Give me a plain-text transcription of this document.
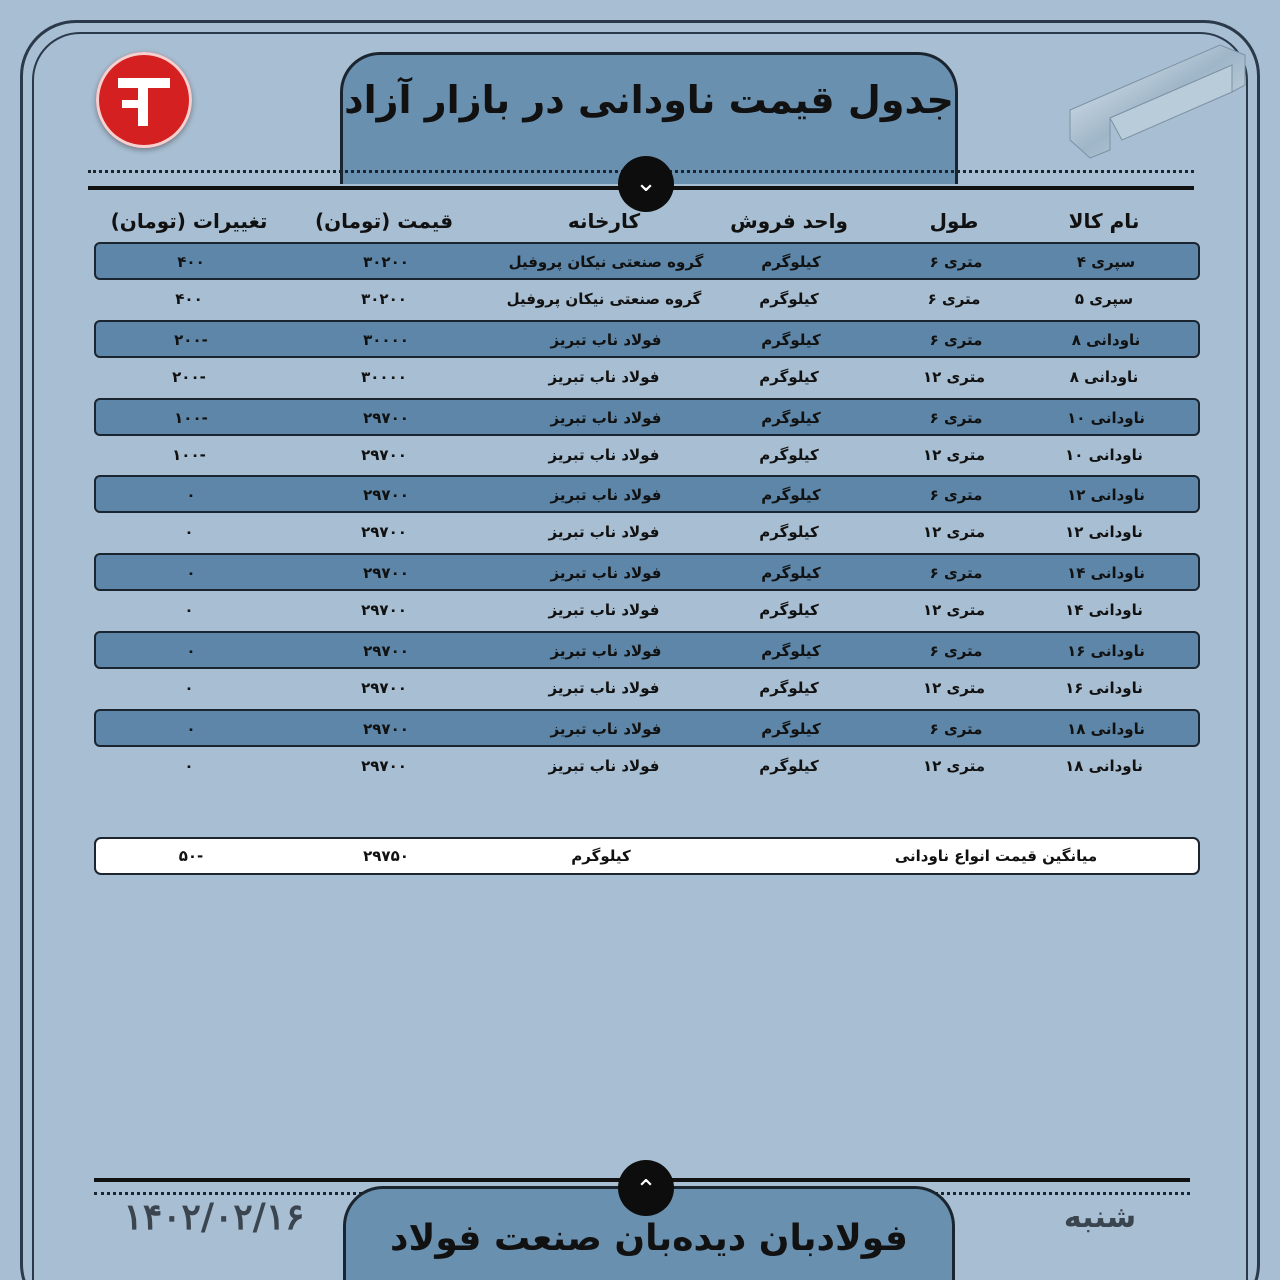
جدول قیمت ناودانی در بازار آزاد
⌄
نام کالا
طول
واحد فروش
کارخانه
قیمت (تومان)
تغییرات (تومان)
سپری ۴
متری ۶
کیلوگرم
گروه صنعتی نیکان پروفیل
۳۰۲۰۰
۴۰۰
سپری ۵
متری ۶
کیلوگرم
گروه صنعتی نیکان پروفیل
۳۰۲۰۰
۴۰۰
ناودانی ۸
متری ۶
کیلوگرم
فولاد ناب تبریز
۳۰۰۰۰
-۲۰۰
ناودانی ۸
متری ۱۲
کیلوگرم
فولاد ناب تبریز
۳۰۰۰۰
-۲۰۰
ناودانی ۱۰
متری ۶
کیلوگرم
فولاد ناب تبریز
۲۹۷۰۰
-۱۰۰
ناودانی ۱۰
متری ۱۲
کیلوگرم
فولاد ناب تبریز
۲۹۷۰۰
-۱۰۰
ناودانی ۱۲
متری ۶
کیلوگرم
فولاد ناب تبریز
۲۹۷۰۰
۰
ناودانی ۱۲
متری ۱۲
کیلوگرم
فولاد ناب تبریز
۲۹۷۰۰
۰
ناودانی ۱۴
متری ۶
کیلوگرم
فولاد ناب تبریز
۲۹۷۰۰
۰
ناودانی ۱۴
متری ۱۲
کیلوگرم
فولاد ناب تبریز
۲۹۷۰۰
۰
ناودانی ۱۶
متری ۶
کیلوگرم
فولاد ناب تبریز
۲۹۷۰۰
۰
ناودانی ۱۶
متری ۱۲
کیلوگرم
فولاد ناب تبریز
۲۹۷۰۰
۰
ناودانی ۱۸
متری ۶
کیلوگرم
فولاد ناب تبریز
۲۹۷۰۰
۰
ناودانی ۱۸
متری ۱۲
کیلوگرم
فولاد ناب تبریز
۲۹۷۰۰
۰
میانگین قیمت انواع ناودانی
کیلوگرم
۲۹۷۵۰
-۵۰
⌃
فولادبان دیده‌بان صنعت فولاد
۱۴۰۲/۰۲/۱۶	شنبه
